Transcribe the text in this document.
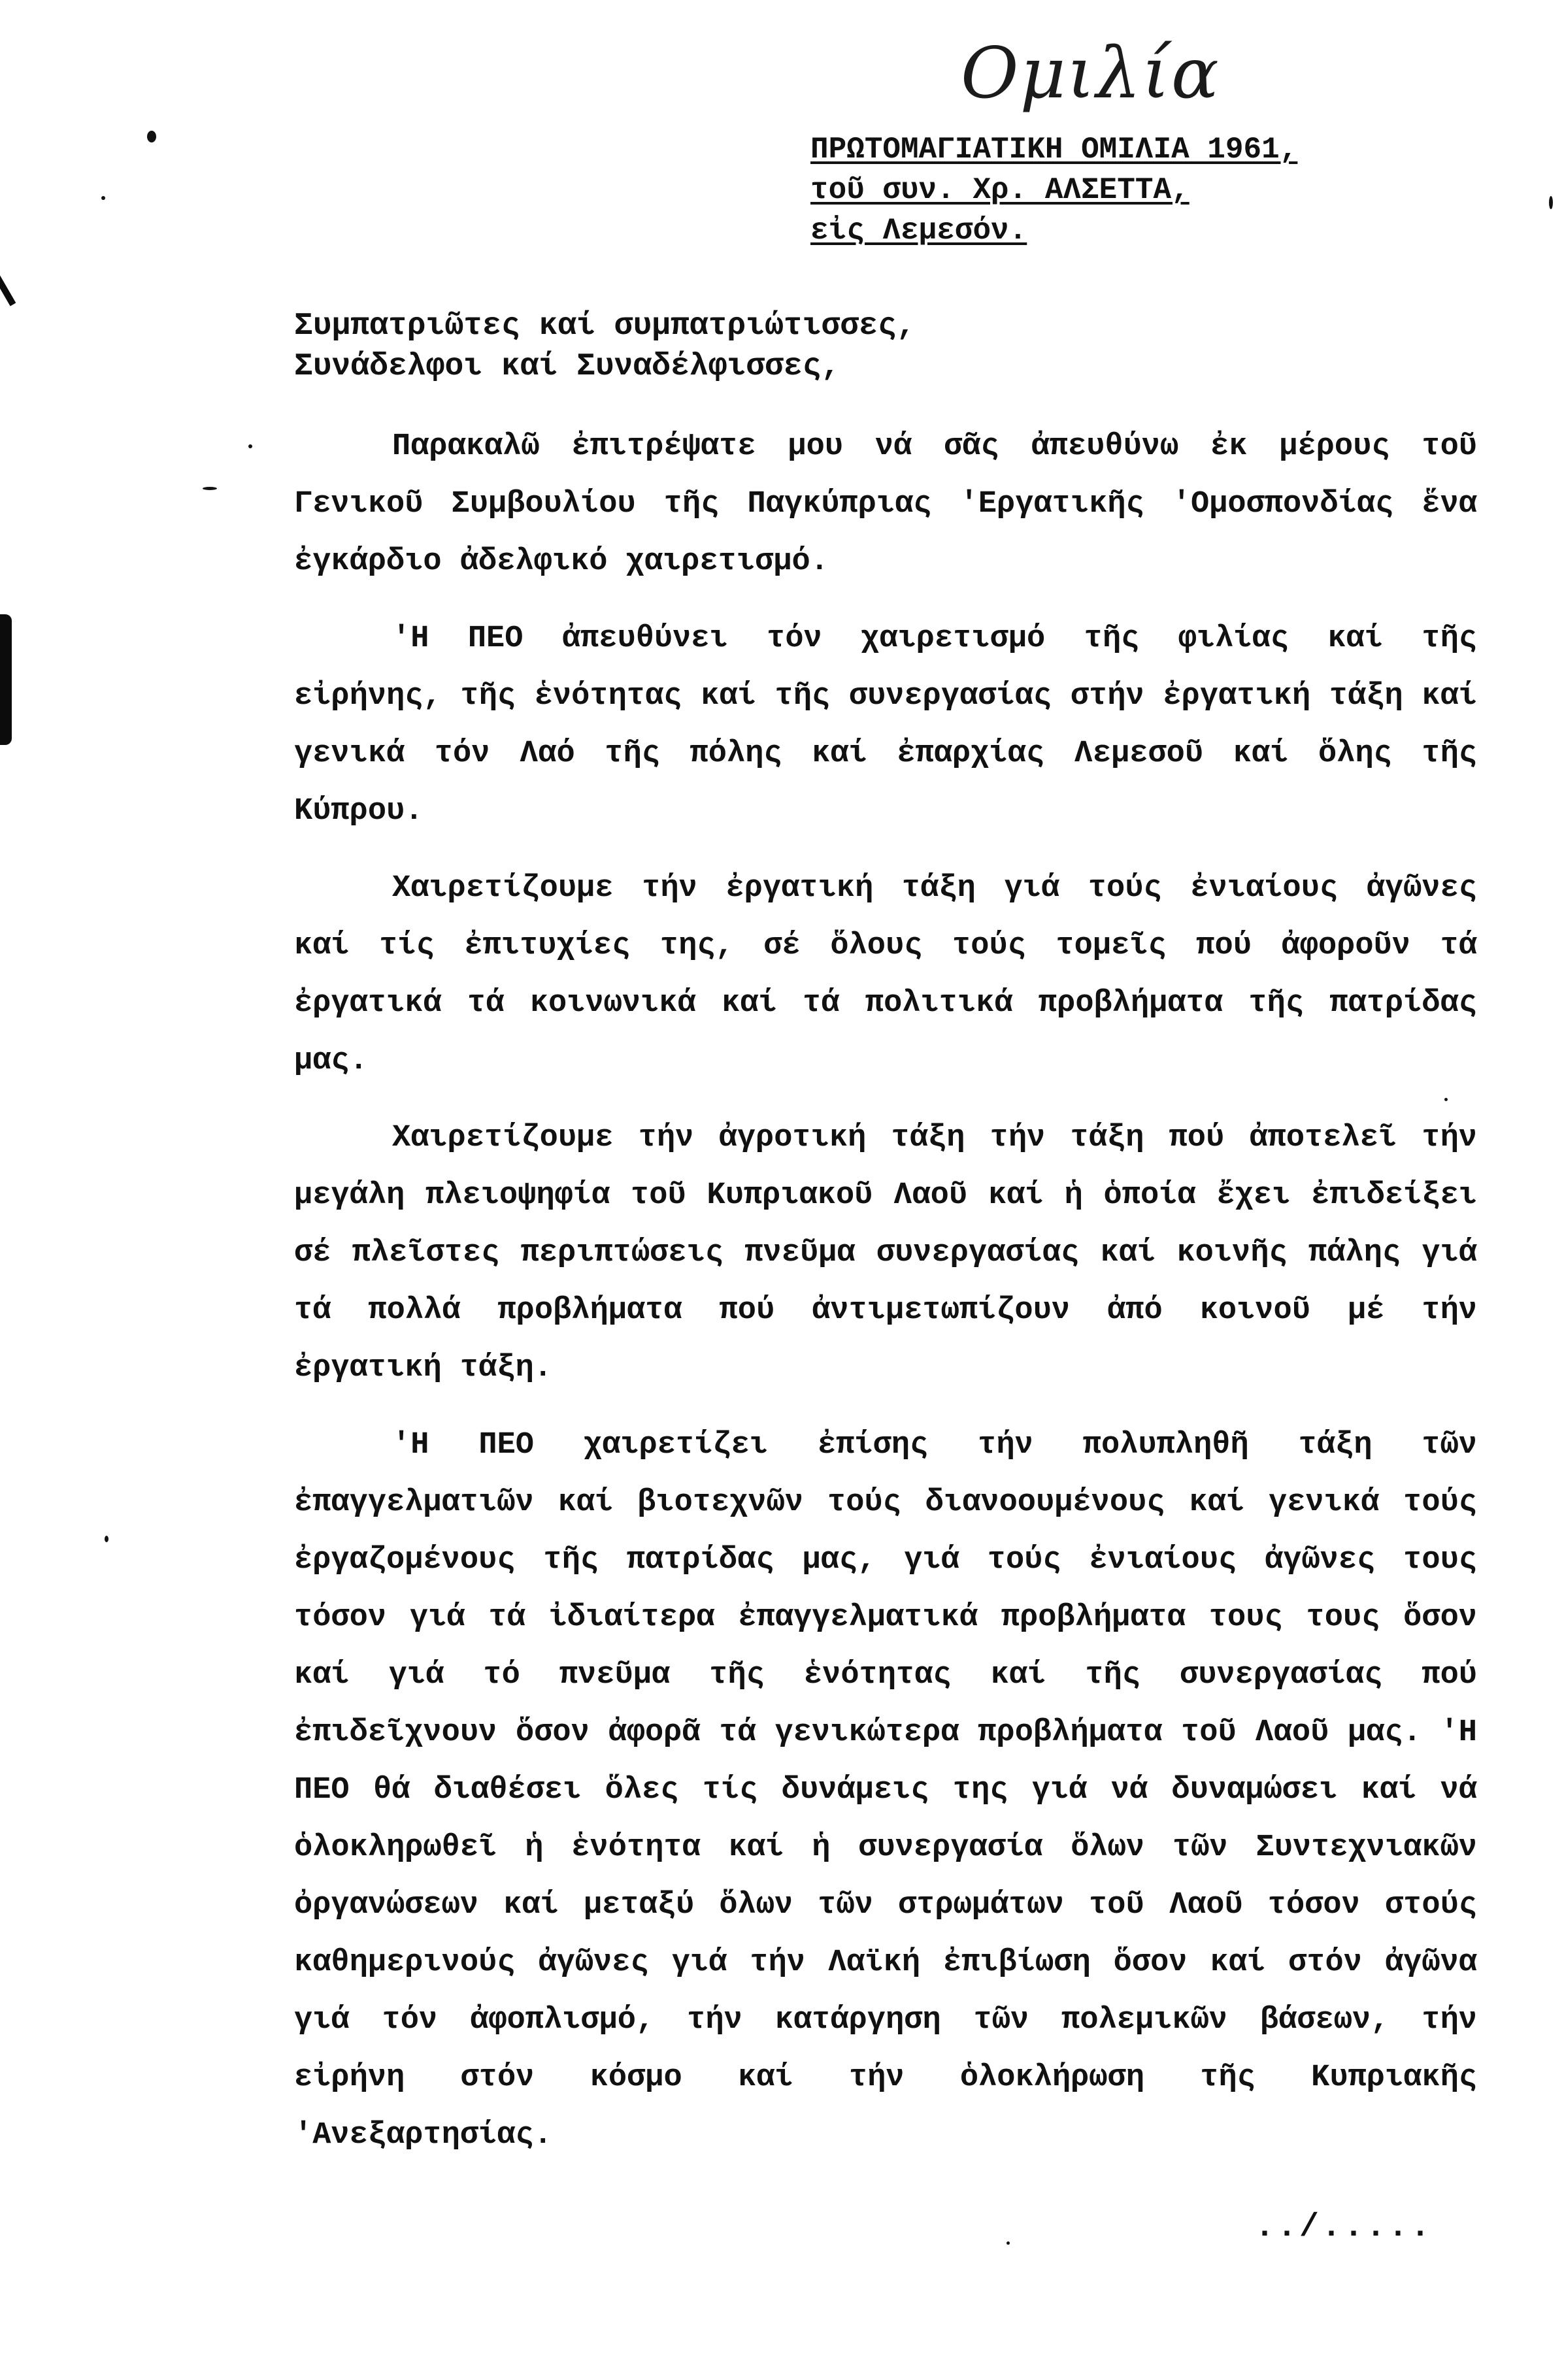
Ομιλία
ΠΡΩΤΟΜΑΓΙΑΤΙΚΗ ΟΜΙΛΙΑ 1961,
τοῦ συν. Χρ. ΑΛΣΕΤΤΑ,
εἰς Λεμεσόν.
Συμπατριῶτες καί συμπατριώτισσες,
Συνάδελφοι καί Συναδέλφισσες,

Παρακαλῶ ἐπιτρέψατε μου νά σᾶς ἀπευθύνω ἐκ μέρους τοῦ Γενικοῦ Συμβουλίου τῆς Παγκύπριας 'Εργατικῆς 'Ομοσπονδίας ἕνα ἐγκάρδιο ἀδελφικό χαιρετισμό.

'Η ΠΕΟ ἀπευθύνει τόν χαιρετισμό τῆς φιλίας καί τῆς εἰρήνης, τῆς ἑνότητας καί τῆς συνεργασίας στήν ἐργατική τάξη καί γενικά τόν Λαό τῆς πόλης καί ἐπαρχίας Λεμεσοῦ καί ὅλης τῆς Κύπρου.

Χαιρετίζουμε τήν ἐργατική τάξη γιά τούς ἐνιαίους ἀγῶνες καί τίς ἐπιτυχίες της, σέ ὅλους τούς τομεῖς πού ἀφοροῦν τά ἐργατικά τά κοινωνικά καί τά πολιτικά προβλήματα τῆς πατρίδας μας.

Χαιρετίζουμε τήν ἀγροτική τάξη τήν τάξη πού ἀποτελεῖ τήν μεγάλη πλειοψηφία τοῦ Κυπριακοῦ Λαοῦ καί ἡ ὁποία ἔχει ἐπιδείξει σέ πλεῖστες περιπτώσεις πνεῦμα συνεργασίας καί κοινῆς πάλης γιά τά πολλά προβλήματα πού ἀντιμετωπίζουν ἀπό κοινοῦ μέ τήν ἐργατική τάξη.

'Η ΠΕΟ χαιρετίζει ἐπίσης τήν πολυπληθῆ τάξη τῶν ἐπαγγελματιῶν καί βιοτεχνῶν τούς διανοουμένους καί γενικά τούς ἐργαζομένους τῆς πατρίδας μας, γιά τούς ἐνιαίους ἀγῶνες τους τόσον γιά τά ἰδιαίτερα ἐπαγγελματικά προβλήματα τους τους ὅσον καί γιά τό πνεῦμα τῆς ἑνότητας καί τῆς συνεργασίας πού ἐπιδεῖχνουν ὅσον ἀφορᾶ τά γενικώτερα προβλήματα τοῦ Λαοῦ μας. 'Η ΠΕΟ θά διαθέσει ὅλες τίς δυνάμεις της γιά νά δυναμώσει καί νά ὁλοκληρωθεῖ ἡ ἑνότητα καί ἡ συνεργασία ὅλων τῶν Συντεχνιακῶν ὀργανώσεων καί μεταξύ ὅλων τῶν στρωμάτων τοῦ Λαοῦ τόσον στούς καθημερινούς ἀγῶνες γιά τήν Λαϊκή ἐπιβίωση ὅσον καί στόν ἀγῶνα γιά τόν ἀφοπλισμό, τήν κατάργηση τῶν πολεμικῶν βάσεων, τήν εἰρήνη στόν κόσμο καί τήν ὁλοκλήρωση τῆς Κυπριακῆς 'Ανεξαρτησίας.

../.....
